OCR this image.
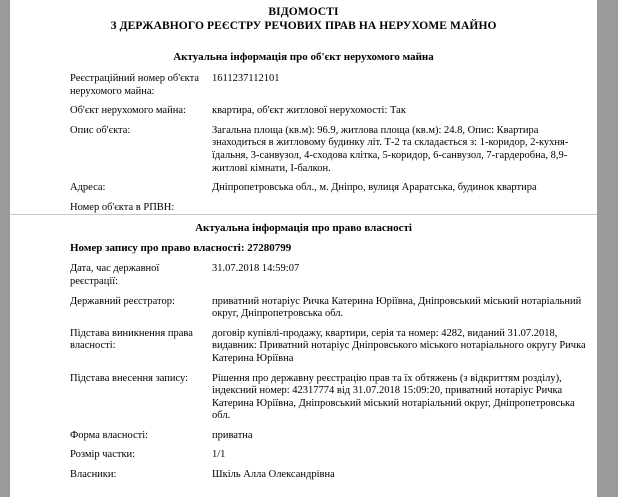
ВІДОМОСТІ
З ДЕРЖАВНОГО РЕЄСТРУ РЕЧОВИХ ПРАВ НА НЕРУХОМЕ МАЙНО
Актуальна інформація про об'єкт нерухомого майна
Реєстраційний номер об'єкта нерухомого майна:
1611237112101
Об'єкт нерухомого майна:	квартира, об'єкт житлової нерухомості: Так
Опис об'єкта:	Загальна площа (кв.м): 96.9, житлова площа (кв.м): 24.8, Опис: Квартира знаходиться в житловому будинку літ. Т-2 та складається з: 1-коридор, 2-кухня-їдальня, 3-санвузол, 4-сходова клітка, 5-коридор, 6-санвузол, 7-гардеробна, 8,9-житлові кімнати, I-балкон.
Адреса:	Дніпропетровська обл., м. Дніпро, вулиця Араратська, будинок квартира
Номер об'єкта в РПВН:
Актуальна інформація про право власності
Номер запису про право власності: 27280799
Дата, час державної реєстрації:
31.07.2018 14:59:07
Державний реєстратор:	приватний нотаріус Ричка Катерина Юріївна, Дніпровський міський нотаріальний округ, Дніпропетровська обл.
Підстава виникнення права власності:
договір купівлі-продажу, квартири, серія та номер: 4282, виданий 31.07.2018, видавник: Приватний нотаріус Дніпровського міського нотаріального округу Ричка Катерина Юріївна
Підстава внесення запису:	Рішення про державну реєстрацію прав та їх обтяжень (з відкриттям розділу), індексний номер: 42317774 від 31.07.2018 15:09:20, приватний нотаріус Ричка Катерина Юріївна, Дніпровський міський нотаріальний округ, Дніпропетровська обл.
Форма власності:	приватна
Розмір частки:	1/1
Власники:	Шкіль Алла Олександрівна
